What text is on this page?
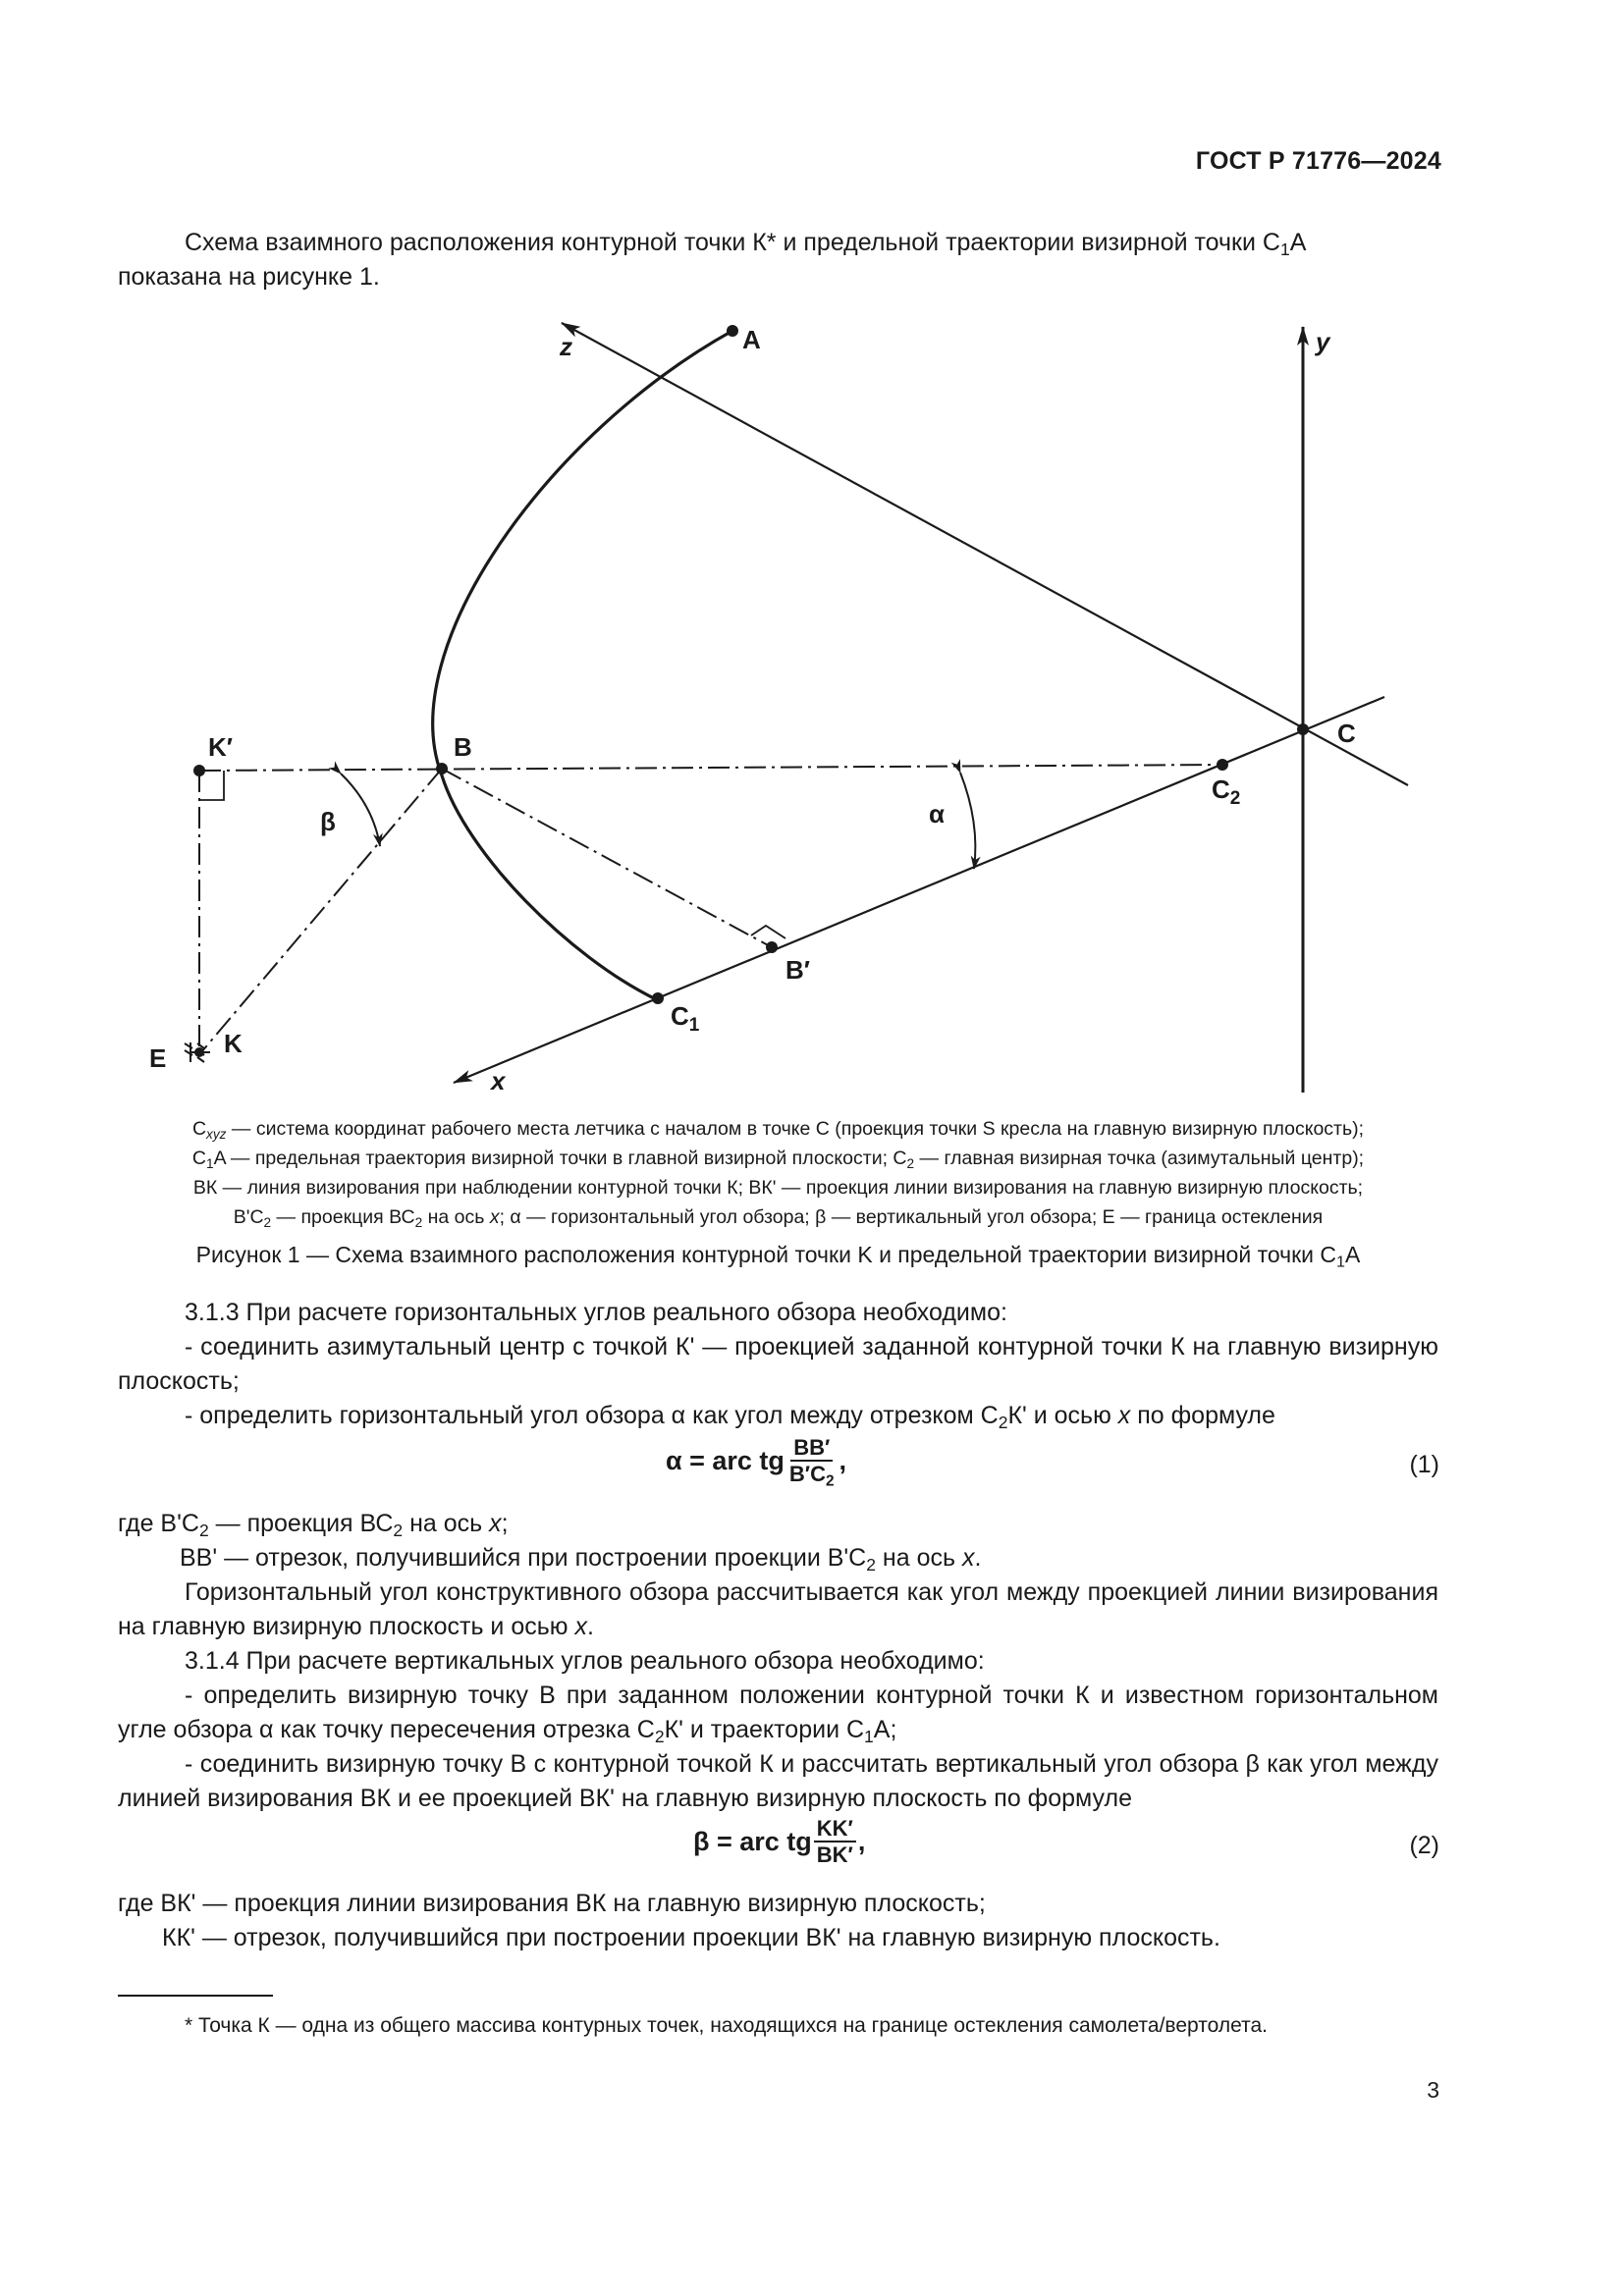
ГОСТ Р 71776—2024
Схема взаимного расположения контурной точки К* и предельной траектории визирной точки $С_1А$
показана на рисунке 1.
z	A	y
K′	B	C
β	α
$C_2$
B′
$C_1$
E K
x
$C_{xyz}$ — система координат рабочего места летчика с началом в точке С (проекция точки S кресла на главную визирную плоскость);
$C_1A$ — предельная траектория визирной точки в главной визирной плоскости; $C_2$ — главная визирная точка (азимутальный центр);
ВК — линия визирования при наблюдении контурной точки К; ВК' — проекция линии визирования на главную визирную плоскость;
$В'С_2$ — проекция $ВС_2$ на ось x; α — горизонтальный угол обзора; β — вертикальный угол обзора; Е — граница остекления
Рисунок 1 — Схема взаимного расположения контурной точки K и предельной траектории визирной точки $С_1А$
3.1.3 При расчете горизонтальных углов реального обзора необходимо:
- соединить азимутальный центр с точкой К' — проекцией заданной контурной точки К на главную визирную плоскость;
- определить горизонтальный угол обзора α как угол между отрезком $С_2К'$ и осью x по формуле
α = arc tg $\frac{BB'}{B'C_2}$ ,	(1)
где $В'С_2$ — проекция $ВС_2$ на ось x;
ВВ' — отрезок, получившийся при построении проекции $В'С_2$ на ось x.
Горизонтальный угол конструктивного обзора рассчитывается как угол между проекцией линии визирования на главную визирную плоскость и осью x.
3.1.4 При расчете вертикальных углов реального обзора необходимо:
- определить визирную точку В при заданном положении контурной точки К и известном горизонтальном угле обзора α как точку пересечения отрезка $С_2К'$ и траектории $С_1А$;
- соединить визирную точку В с контурной точкой К и рассчитать вертикальный угол обзора β как угол между линией визирования ВК и ее проекцией ВК' на главную визирную плоскость по формуле
β = arc tg $\frac{KK'}{BK'}$ ,	(2)
где ВК' — проекция линии визирования ВК на главную визирную плоскость;
КК' — отрезок, получившийся при построении проекции ВК' на главную визирную плоскость.
* Точка К — одна из общего массива контурных точек, находящихся на границе остекления самолета/вертолета.
3
